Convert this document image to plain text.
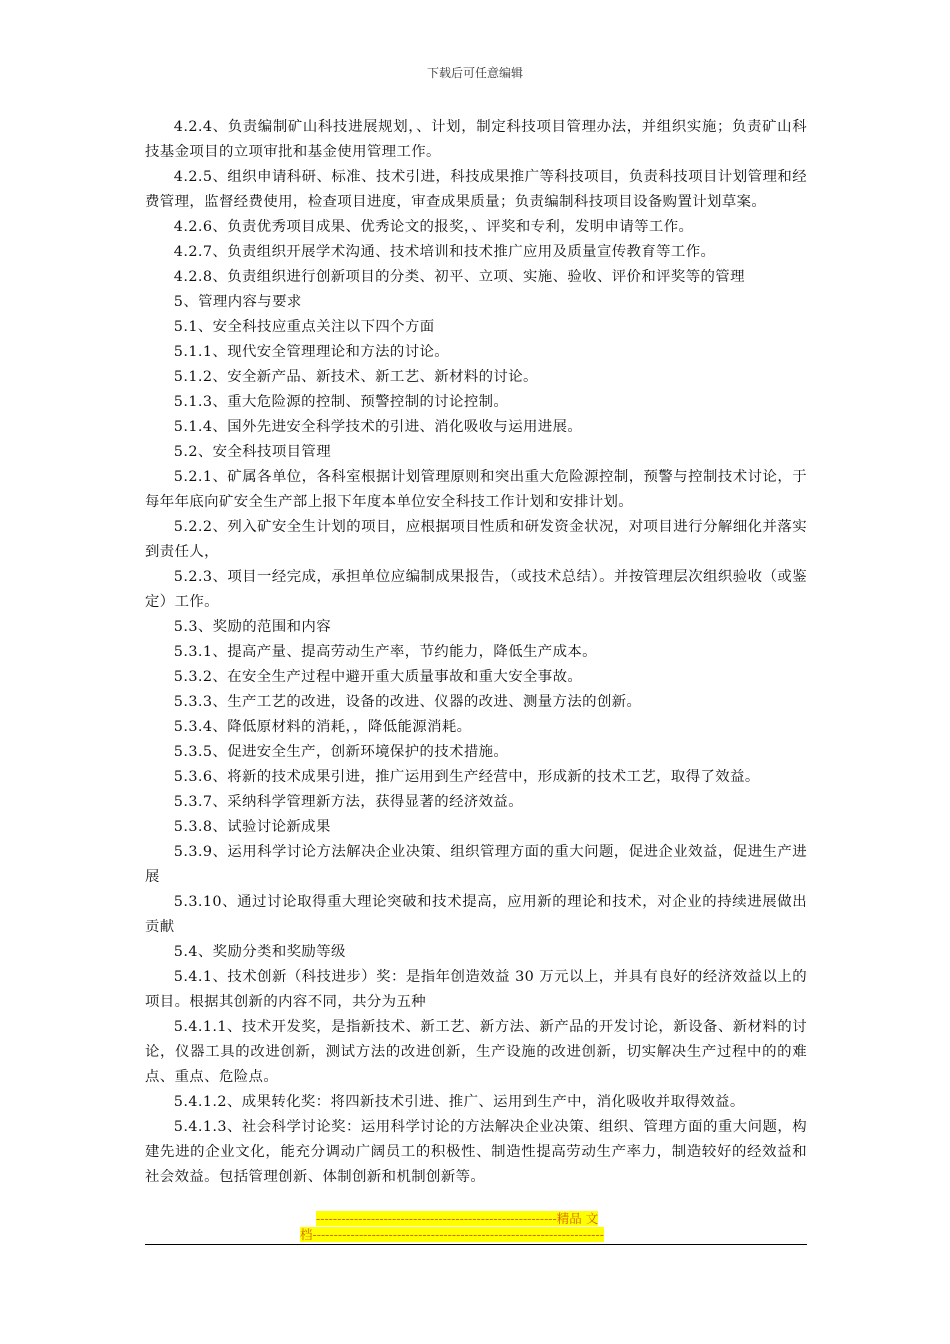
下载后可任意编辑

4.2.4、负责编制矿山科技进展规划，、计划，制定科技项目管理办法，并组织实施；负责矿山科技基金项目的立项审批和基金使用管理工作。

4.2.5、组织申请科研、标准、技术引进，科技成果推广等科技项目，负责科技项目计划管理和经费管理，监督经费使用，检查项目进度，审查成果质量；负责编制科技项目设备购置计划草案。

4.2.6、负责优秀项目成果、优秀论文的报奖，、评奖和专利，发明申请等工作。

4.2.7、负责组织开展学术沟通、技术培训和技术推广应用及质量宣传教育等工作。

4.2.8、负责组织进行创新项目的分类、初平、立项、实施、验收、评价和评奖等的管理

5、管理内容与要求

5.1、安全科技应重点关注以下四个方面

5.1.1、现代安全管理理论和方法的讨论。

5.1.2、安全新产品、新技术、新工艺、新材料的讨论。

5.1.3、重大危险源的控制、预警控制的讨论控制。

5.1.4、国外先进安全科学技术的引进、消化吸收与运用进展。

5.2、安全科技项目管理

5.2.1、矿属各单位，各科室根据计划管理原则和突出重大危险源控制，预警与控制技术讨论，于每年年底向矿安全生产部上报下年度本单位安全科技工作计划和安排计划。

5.2.2、列入矿安全生计划的项目，应根据项目性质和研发资金状况，对项目进行分解细化并落实到责任人，

5.2.3、项目一经完成，承担单位应编制成果报告，（或技术总结）。并按管理层次组织验收（或鉴定）工作。

5.3、奖励的范围和内容

5.3.1、提高产量、提高劳动生产率，节约能力，降低生产成本。

5.3.2、在安全生产过程中避开重大质量事故和重大安全事故。

5.3.3、生产工艺的改进，设备的改进、仪器的改进、测量方法的创新。

5.3.4、降低原材料的消耗，，降低能源消耗。

5.3.5、促进安全生产，创新环境保护的技术措施。

5.3.6、将新的技术成果引进，推广运用到生产经营中，形成新的技术工艺，取得了效益。

5.3.7、采纳科学管理新方法，获得显著的经济效益。

5.3.8、试验讨论新成果

5.3.9、运用科学讨论方法解决企业决策、组织管理方面的重大问题，促进企业效益，促进生产进展

5.3.10、通过讨论取得重大理论突破和技术提高，应用新的理论和技术，对企业的持续进展做出贡献

5.4、奖励分类和奖励等级

5.4.1、技术创新（科技进步）奖：是指年创造效益 30 万元以上，并具有良好的经济效益以上的项目。根据其创新的内容不同，共分为五种

5.4.1.1、技术开发奖，是指新技术、新工艺、新方法、新产品的开发讨论，新设备、新材料的讨论，仪器工具的改进创新，测试方法的改进创新，生产设施的改进创新，切实解决生产过程中的的难点、重点、危险点。

5.4.1.2、成果转化奖：将四新技术引进、推广、运用到生产中，消化吸收并取得效益。

5.4.1.3、社会科学讨论奖：运用科学讨论的方法解决企业决策、组织、管理方面的重大问题，构建先进的企业文化，能充分调动广阔员工的积极性、制造性提高劳动生产率力，制造较好的经效益和社会效益。包括管理创新、体制创新和机制创新等。

---------------------------------------------------------精品 文
档---------------------------------------------------------------------
